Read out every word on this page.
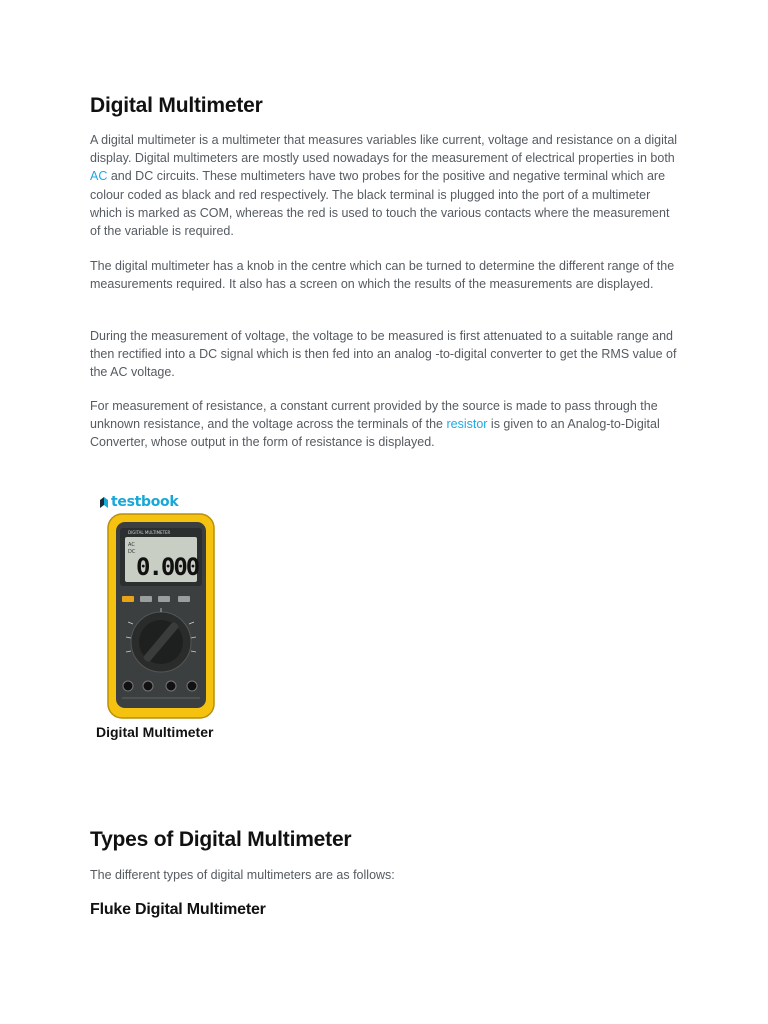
Digital Multimeter

A digital multimeter is a multimeter that measures variables like current, voltage and resistance on a digital display. Digital multimeters are mostly used nowadays for the measurement of electrical properties in both AC and DC circuits. These multimeters have two probes for the positive and negative terminal which are colour coded as black and red respectively. The black terminal is plugged into the port of a multimeter which is marked as COM, whereas the red is used to touch the various contacts where the measurement of the variable is required.

The digital multimeter has a knob in the centre which can be turned to determine the different range of the measurements required. It also has a screen on which the results of the measurements are displayed.

During the measurement of voltage, the voltage to be measured is first attenuated to a suitable range and then rectified into a DC signal which is then fed into an analog -to-digital converter to get the RMS value of the AC voltage.

For measurement of resistance, a constant current provided by the source is made to pass through the unknown resistance, and the voltage across the terminals of the resistor is given to an Analog-to-Digital Converter, whose output in the form of resistance is displayed.

Types of Digital Multimeter

The different types of digital multimeters are as follows:

Fluke Digital Multimeter
testbook
DIGITAL MULTIMETER
AC
DC
0.000
Digital Multimeter
